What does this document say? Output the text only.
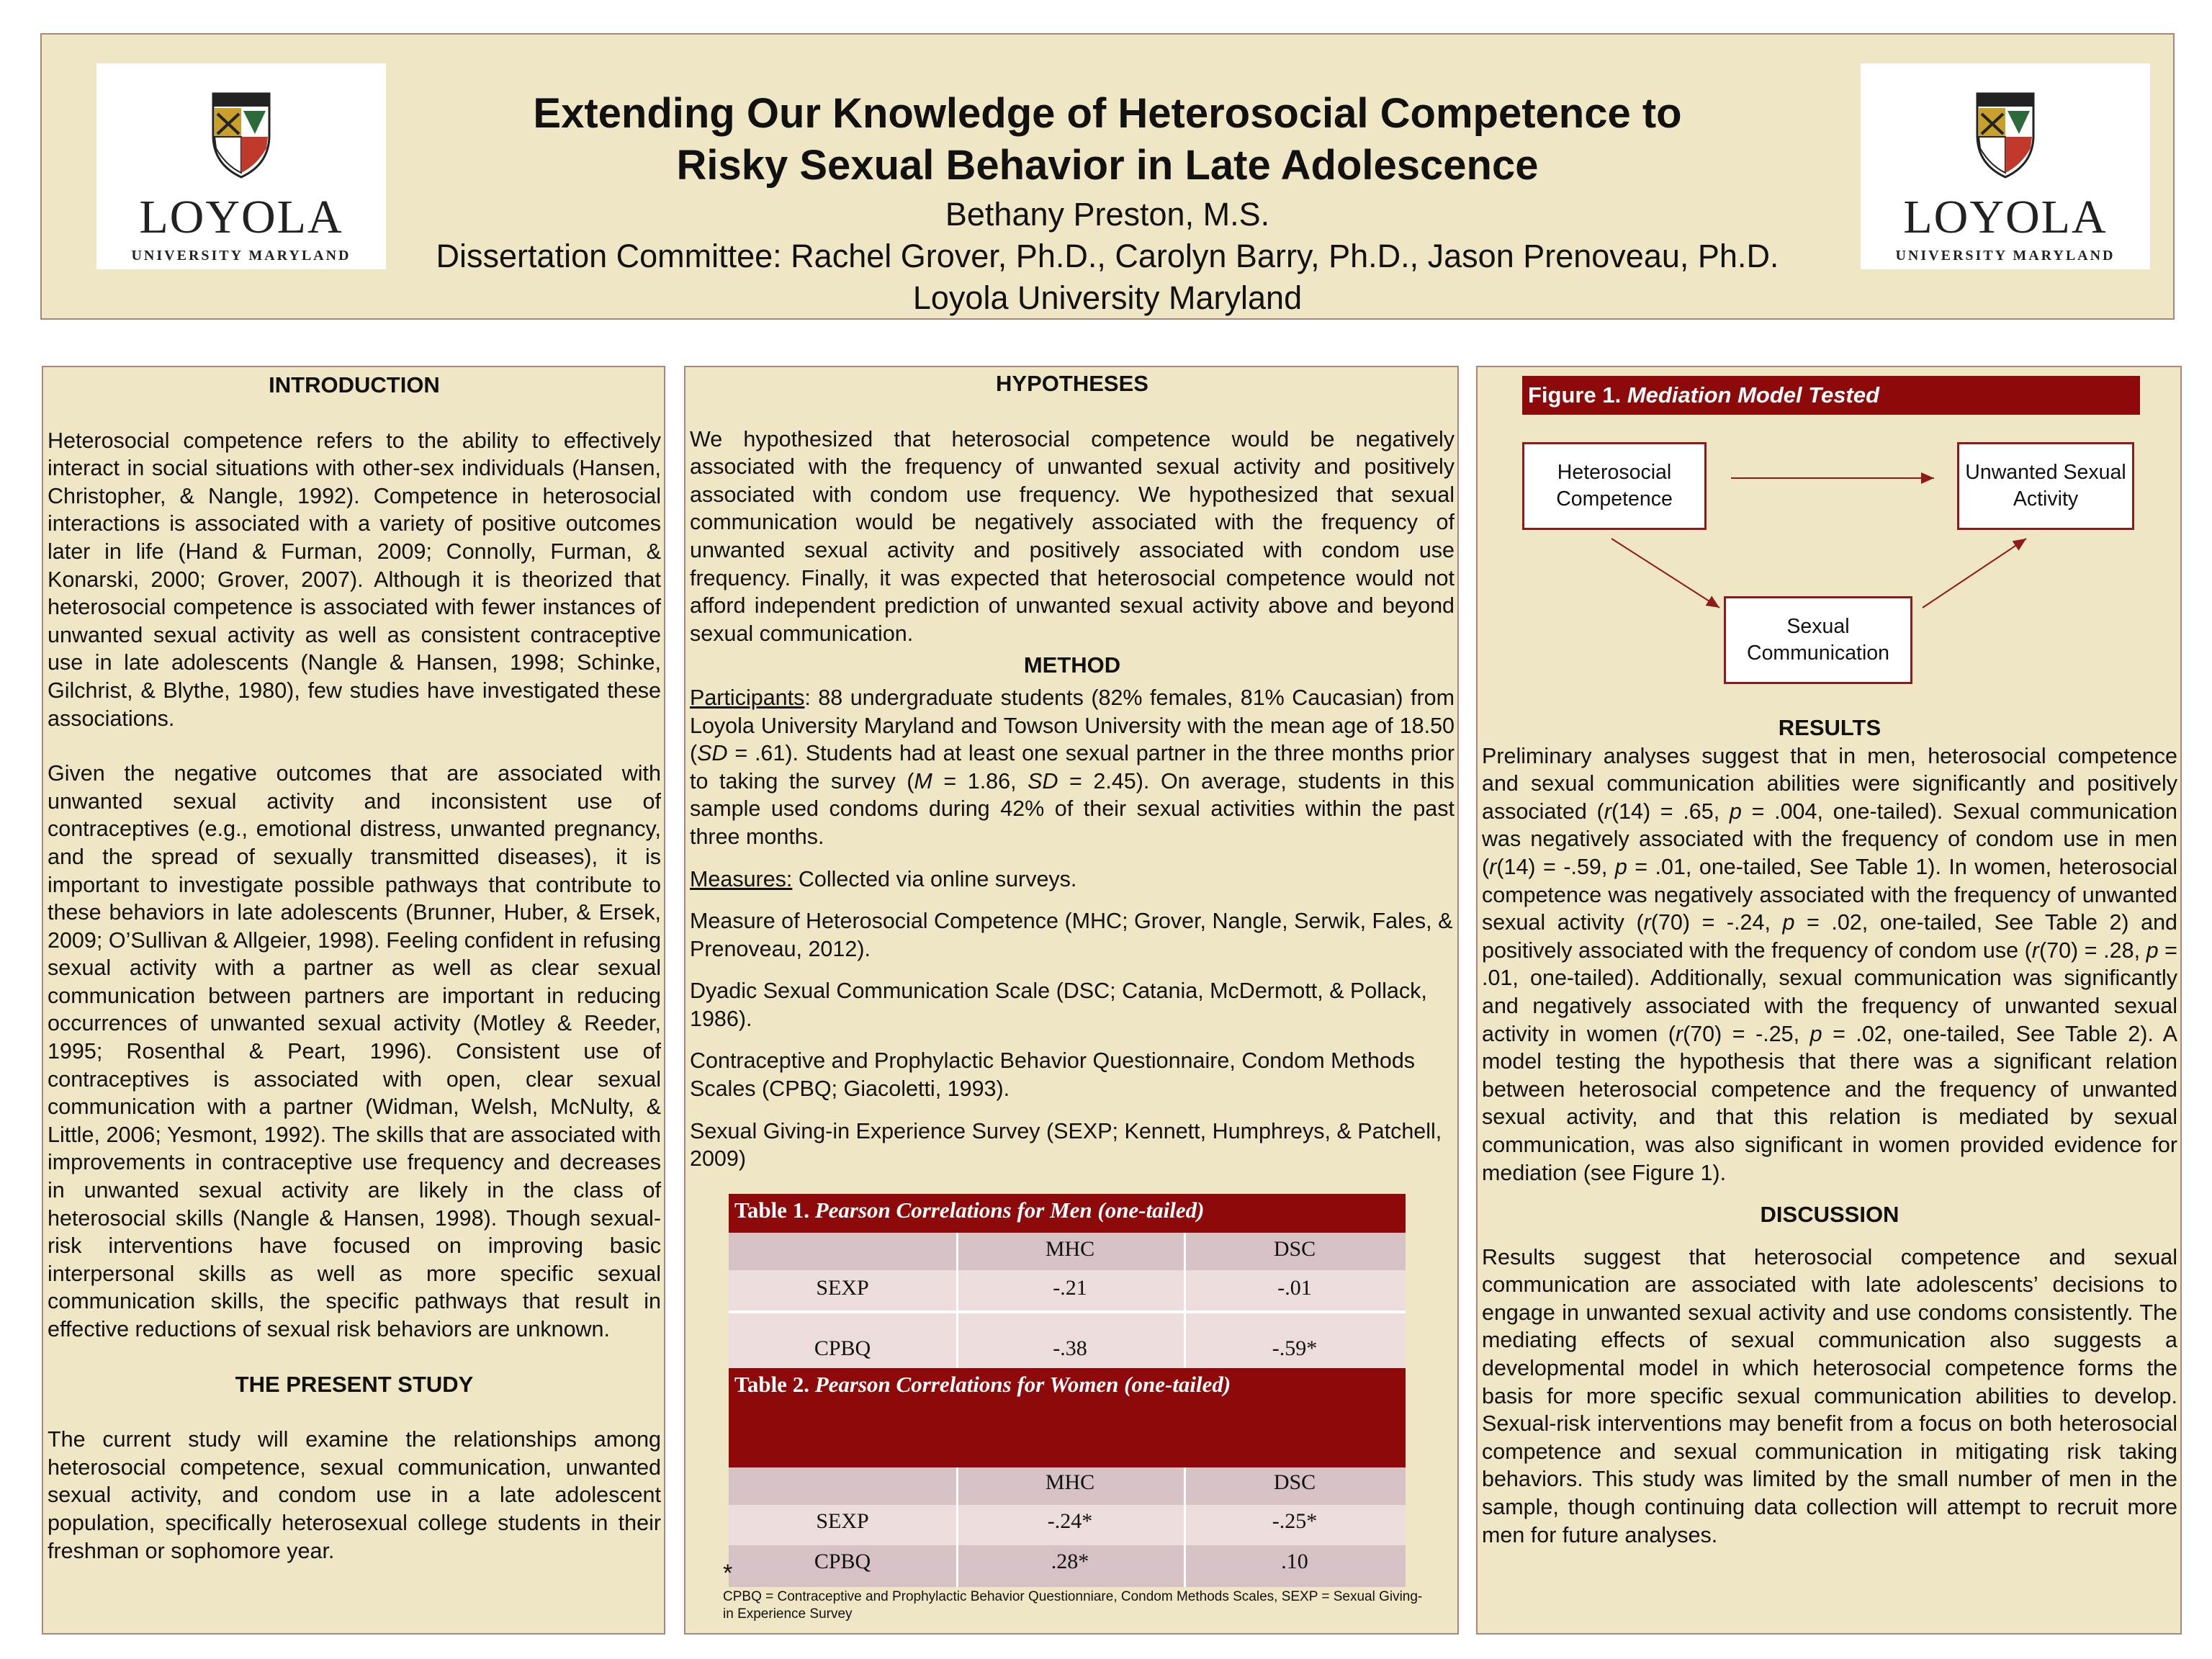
LOYOLA
UNIVERSITY MARYLAND
Extending Our Knowledge of Heterosocial Competence to
Risky Sexual Behavior in Late Adolescence
Bethany Preston, M.S.
Dissertation Committee: Rachel Grover, Ph.D., Carolyn Barry, Ph.D., Jason Prenoveau, Ph.D.
Loyola University Maryland
LOYOLA
UNIVERSITY MARYLAND
INTRODUCTION

Heterosocial competence refers to the ability to effectively interact in social situations with other-sex individuals (Hansen, Christopher, & Nangle, 1992). Competence in heterosocial interactions is associated with a variety of positive outcomes later in life (Hand & Furman, 2009; Connolly, Furman, & Konarski, 2000; Grover, 2007). Although it is theorized that heterosocial competence is associated with fewer instances of unwanted sexual activity as well as consistent contraceptive use in late adolescents (Nangle & Hansen, 1998; Schinke, Gilchrist, & Blythe, 1980), few studies have investigated these associations.

Given the negative outcomes that are associated with unwanted sexual activity and inconsistent use of contraceptives (e.g., emotional distress, unwanted pregnancy, and the spread of sexually transmitted diseases), it is important to investigate possible pathways that contribute to these behaviors in late adolescents (Brunner, Huber, & Ersek, 2009; O’Sullivan & Allgeier, 1998). Feeling confident in refusing sexual activity with a partner as well as clear sexual communication between partners are important in reducing occurrences of unwanted sexual activity (Motley & Reeder, 1995; Rosenthal & Peart, 1996). Consistent use of contraceptives is associated with open, clear sexual communication with a partner (Widman, Welsh, McNulty, & Little, 2006; Yesmont, 1992). The skills that are associated with improvements in contraceptive use frequency and decreases in unwanted sexual activity are likely in the class of heterosocial skills (Nangle & Hansen, 1998). Though sexual-risk interventions have focused on improving basic interpersonal skills as well as more specific sexual communication skills, the specific pathways that result in effective reductions of sexual risk behaviors are unknown.

THE PRESENT STUDY

The current study will examine the relationships among heterosocial competence, sexual communication, unwanted sexual activity, and condom use in a late adolescent population, specifically heterosexual college students in their freshman or sophomore year.

HYPOTHESES

We hypothesized that heterosocial competence would be negatively associated with the frequency of unwanted sexual activity and positively associated with condom use frequency. We hypothesized that sexual communication would be negatively associated with the frequency of unwanted sexual activity and positively associated with condom use frequency. Finally, it was expected that heterosocial competence would not afford independent prediction of unwanted sexual activity above and beyond sexual communication.

METHOD

Participants: 88 undergraduate students (82% females, 81% Caucasian) from Loyola University Maryland and Towson University with the mean age of 18.50 (SD = .61). Students had at least one sexual partner in the three months prior to taking the survey (M = 1.86, SD = 2.45). On average, students in this sample used condoms during 42% of their sexual activities within the past three months.

Measures: Collected via online surveys.

Measure of Heterosocial Competence (MHC; Grover, Nangle, Serwik, Fales, & Prenoveau, 2012).

Dyadic Sexual Communication Scale (DSC; Catania, McDermott, & Pollack, 1986).

Contraceptive and Prophylactic Behavior Questionnaire, Condom Methods Scales (CPBQ; Giacoletti, 1993).

Sexual Giving-in Experience Survey (SEXP; Kennett, Humphreys, & Patchell, 2009)

Table 1. Pearson Correlations for Men (one-tailed)
MHC	DSC
SEXP	-.21	-.01
CPBQ	-.38	-.59*
Table 2. Pearson Correlations for Women (one-tailed)
MHC	DSC
SEXP	-.24*	-.25*
CPBQ	.28*	.10
*
CPBQ = Contraceptive and Prophylactic Behavior Questionniare, Condom Methods Scales, SEXP = Sexual Giving-in Experience Survey
Figure 1. Mediation Model Tested
Heterosocial Competence
Unwanted Sexual Activity
Sexual Communication
RESULTS

Preliminary analyses suggest that in men, heterosocial competence and sexual communication abilities were significantly and positively associated (r(14) = .65, p = .004, one-tailed). Sexual communication was negatively associated with the frequency of condom use in men (r(14) = -.59, p = .01, one-tailed, See Table 1). In women, heterosocial competence was negatively associated with the frequency of unwanted sexual activity (r(70) = -.24, p = .02, one-tailed, See Table 2) and positively associated with the frequency of condom use (r(70) = .28, p = .01, one-tailed). Additionally, sexual communication was significantly and negatively associated with the frequency of unwanted sexual activity in women (r(70) = -.25, p = .02, one-tailed, See Table 2). A model testing the hypothesis that there was a significant relation between heterosocial competence and the frequency of unwanted sexual activity, and that this relation is mediated by sexual communication, was also significant in women provided evidence for mediation (see Figure 1).

DISCUSSION

Results suggest that heterosocial competence and sexual communication are associated with late adolescents’ decisions to engage in unwanted sexual activity and use condoms consistently. The mediating effects of sexual communication also suggests a developmental model in which heterosocial competence forms the basis for more specific sexual communication abilities to develop. Sexual-risk interventions may benefit from a focus on both heterosocial competence and sexual communication in mitigating risk taking behaviors. This study was limited by the small number of men in the sample, though continuing data collection will attempt to recruit more men for future analyses.
